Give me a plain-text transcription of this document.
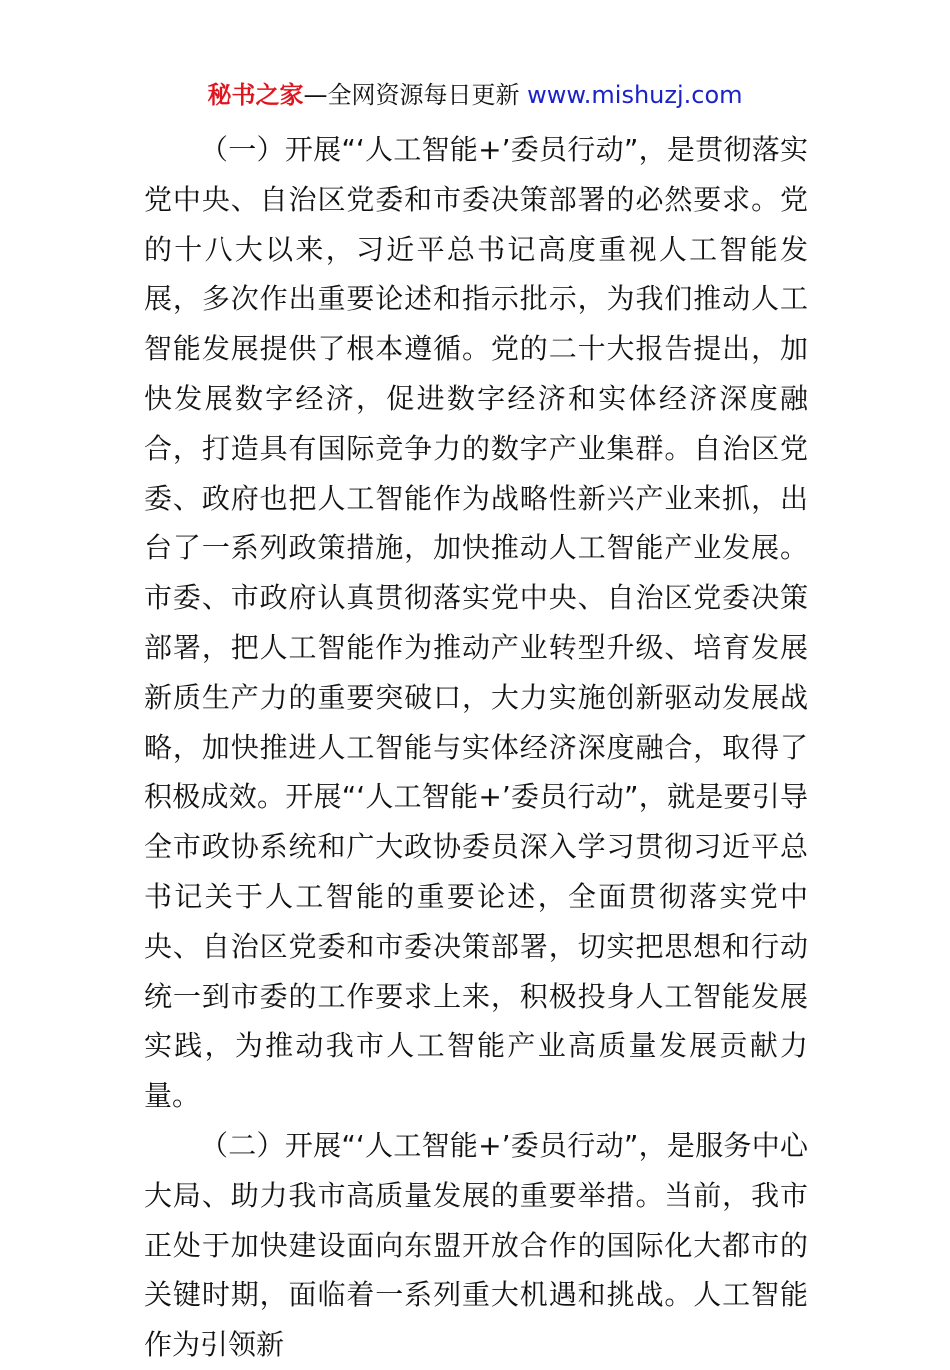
秘书之家—全网资源每日更新 www.mishuzj.com

（一）开展“‘人工智能+’委员行动”，是贯彻落实党中央、自治区党委和市委决策部署的必然要求。党的十八大以来，习近平总书记高度重视人工智能发展，多次作出重要论述和指示批示，为我们推动人工智能发展提供了根本遵循。党的二十大报告提出，加快发展数字经济，促进数字经济和实体经济深度融合，打造具有国际竞争力的数字产业集群。自治区党委、政府也把人工智能作为战略性新兴产业来抓，出台了一系列政策措施，加快推动人工智能产业发展。市委、市政府认真贯彻落实党中央、自治区党委决策部署，把人工智能作为推动产业转型升级、培育发展新质生产力的重要突破口，大力实施创新驱动发展战略，加快推进人工智能与实体经济深度融合，取得了积极成效。开展“‘人工智能+’委员行动”，就是要引导全市政协系统和广大政协委员深入学习贯彻习近平总书记关于人工智能的重要论述，全面贯彻落实党中央、自治区党委和市委决策部署，切实把思想和行动统一到市委的工作要求上来，积极投身人工智能发展实践，为推动我市人工智能产业高质量发展贡献力量。

（二）开展“‘人工智能+’委员行动”，是服务中心大局、助力我市高质量发展的重要举措。当前，我市正处于加快建设面向东盟开放合作的国际化大都市的关键时期，面临着一系列重大机遇和挑战。人工智能作为引领新
